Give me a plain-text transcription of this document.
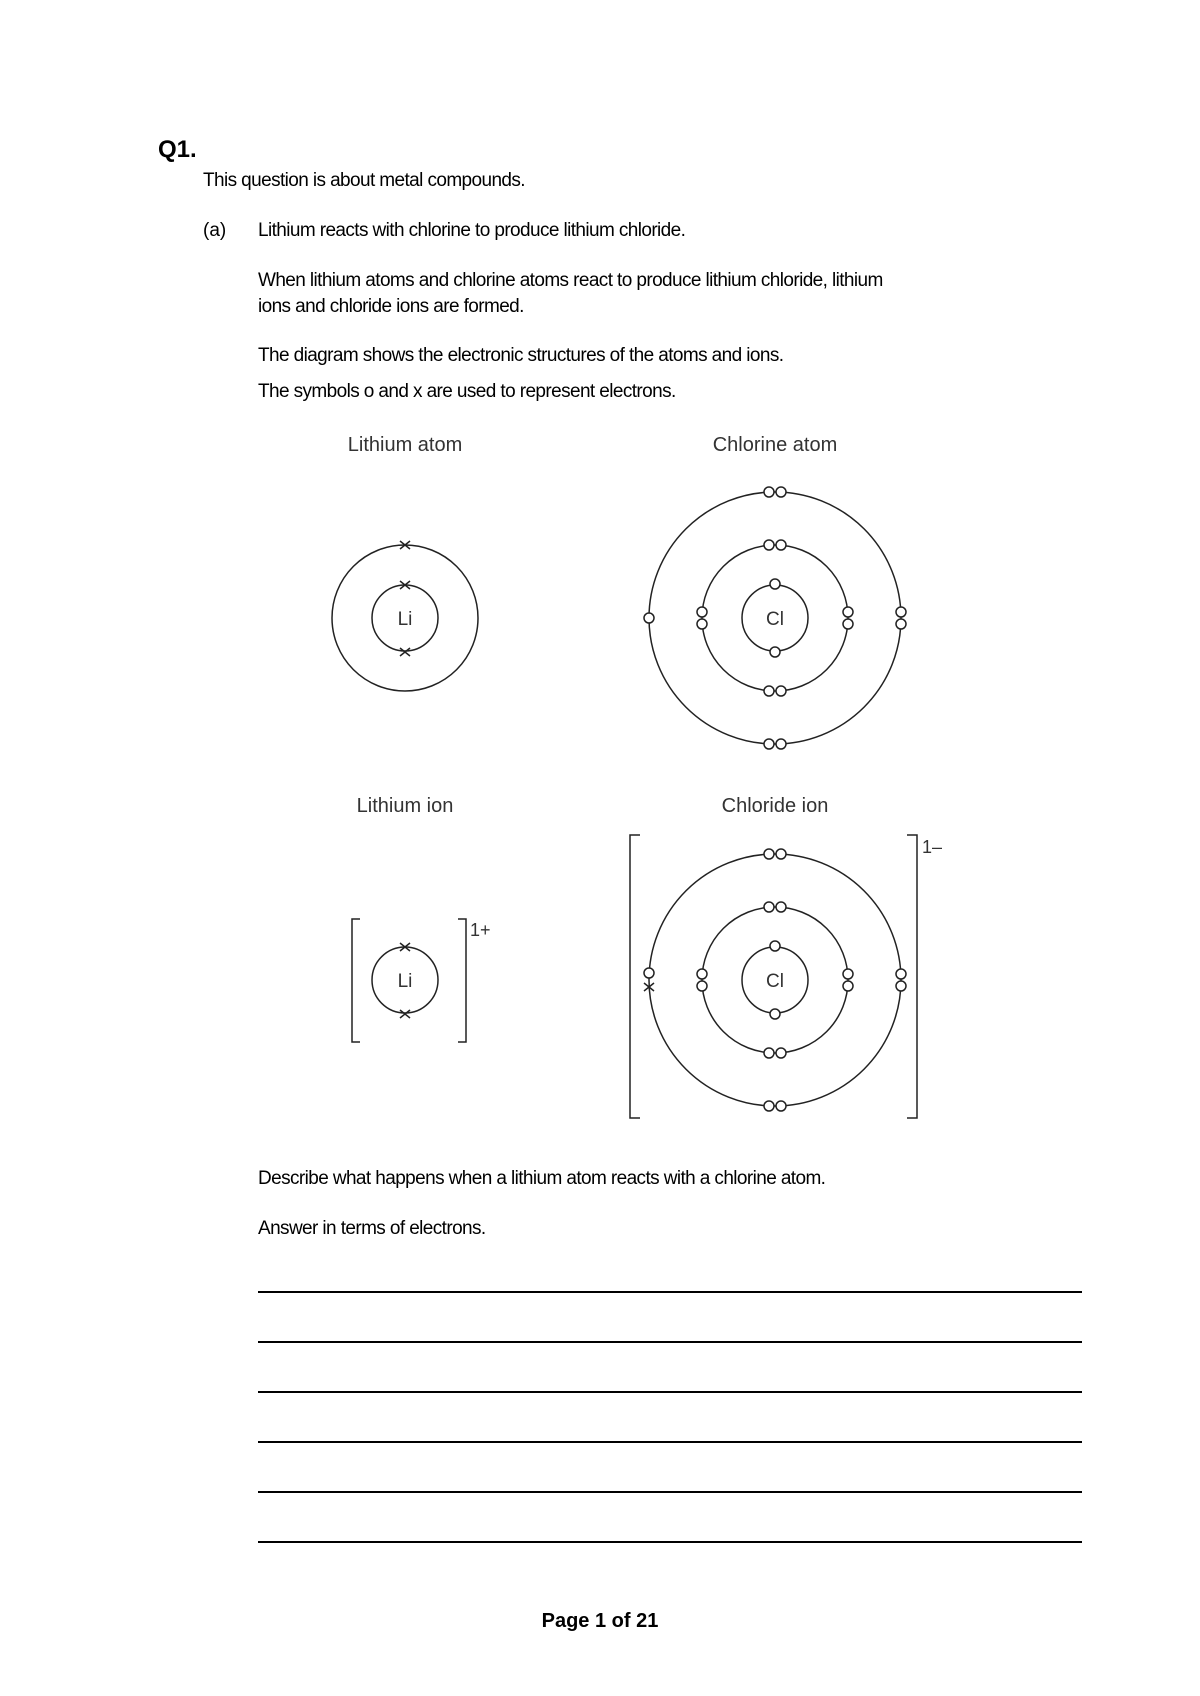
Q1.
This question is about metal compounds.
(a) Lithium reacts with chlorine to produce lithium chloride.
When lithium atoms and chlorine atoms react to produce lithium chloride, lithium
ions and chloride ions are formed.
The diagram shows the electronic structures of the atoms and ions.
The symbols o and x are used to represent electrons.
Lithium atom	Chlorine atom
Lithium ion	Chloride ion
Li	Cl
Li
1+
Cl
1–
Describe what happens when a lithium atom reacts with a chlorine atom.
Answer in terms of electrons.
Page 1 of 21
